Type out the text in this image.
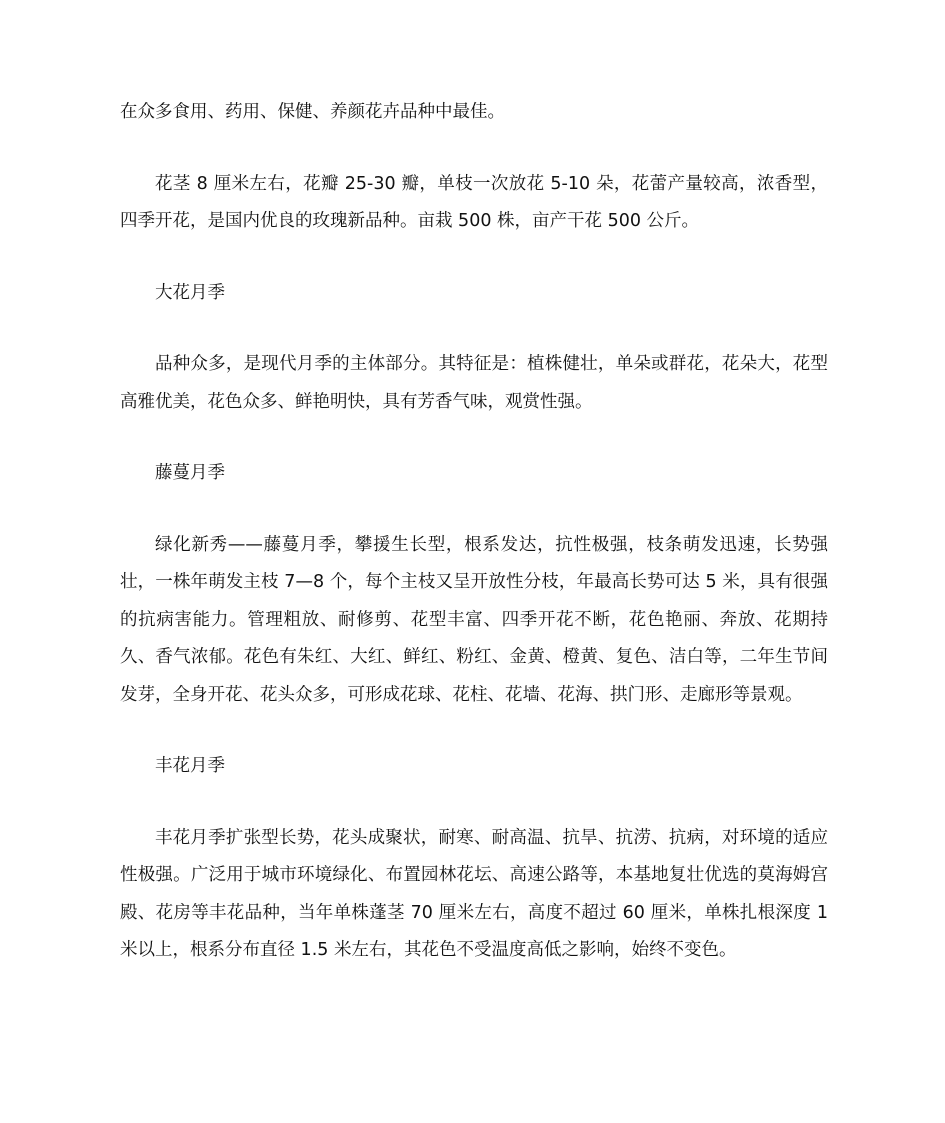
在众多食用、药用、保健、养颜花卉品种中最佳。

花茎 8 厘米左右，花瓣 25-30 瓣，单枝一次放花 5-10 朵，花蕾产量较高，浓香型，四季开花，是国内优良的玫瑰新品种。亩栽 500 株，亩产干花 500 公斤。

大花月季

品种众多，是现代月季的主体部分。其特征是：植株健壮，单朵或群花，花朵大，花型高雅优美，花色众多、鲜艳明快，具有芳香气味，观赏性强。

藤蔓月季

绿化新秀——藤蔓月季，攀援生长型，根系发达，抗性极强，枝条萌发迅速，长势强壮，一株年萌发主枝 7—8 个，每个主枝又呈开放性分枝，年最高长势可达 5 米，具有很强的抗病害能力。管理粗放、耐修剪、花型丰富、四季开花不断，花色艳丽、奔放、花期持久、香气浓郁。花色有朱红、大红、鲜红、粉红、金黄、橙黄、复色、洁白等，二年生节间发芽，全身开花、花头众多，可形成花球、花柱、花墙、花海、拱门形、走廊形等景观。

丰花月季

丰花月季扩张型长势，花头成聚状，耐寒、耐高温、抗旱、抗涝、抗病，对环境的适应性极强。广泛用于城市环境绿化、布置园林花坛、高速公路等，本基地复壮优选的莫海姆宫殿、花房等丰花品种，当年单株蓬茎 70 厘米左右，高度不超过 60 厘米，单株扎根深度 1 米以上，根系分布直径 1.5 米左右，其花色不受温度高低之影响，始终不变色。
